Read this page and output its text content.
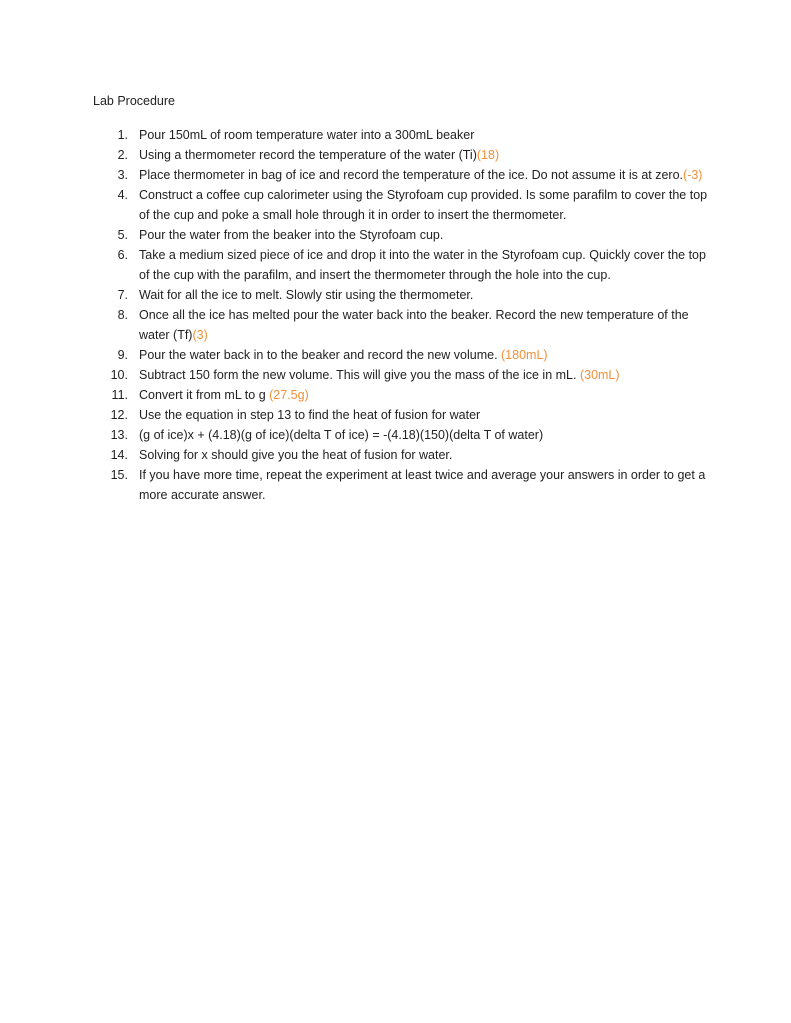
Lab Procedure
1. Pour 150mL of room temperature water into a 300mL beaker
2. Using a thermometer record the temperature of the water (Ti)(18)
3. Place thermometer in bag of ice and record the temperature of the ice. Do not assume it is at zero.(-3)
4. Construct a coffee cup calorimeter using the Styrofoam cup provided. Is some parafilm to cover the top of the cup and poke a small hole through it in order to insert the thermometer.
5. Pour the water from the beaker into the Styrofoam cup.
6. Take a medium sized piece of ice and drop it into the water in the Styrofoam cup. Quickly cover the top of the cup with the parafilm, and insert the thermometer through the hole into the cup.
7. Wait for all the ice to melt. Slowly stir using the thermometer.
8. Once all the ice has melted pour the water back into the beaker. Record the new temperature of the water (Tf)(3)
9. Pour the water back in to the beaker and record the new volume. (180mL)
10. Subtract 150 form the new volume. This will give you the mass of the ice in mL. (30mL)
11. Convert it from mL to g (27.5g)
12. Use the equation in step 13 to find the heat of fusion for water
13. (g of ice)x + (4.18)(g of ice)(delta T of ice) = -(4.18)(150)(delta T of water)
14. Solving for x should give you the heat of fusion for water.
15. If you have more time, repeat the experiment at least twice and average your answers in order to get a more accurate answer.
